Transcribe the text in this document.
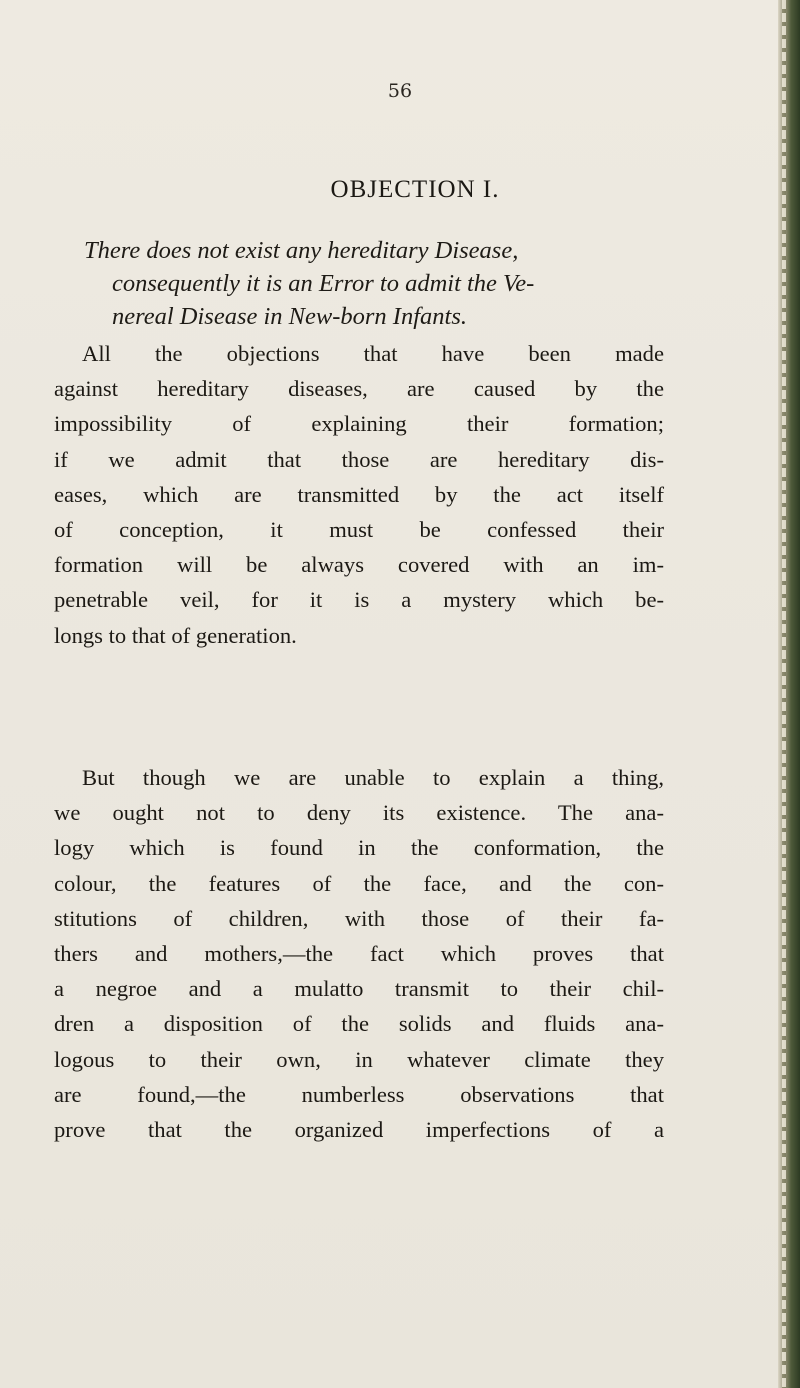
56
OBJECTION I.
There does not exist any hereditary Disease,
consequently it is an Error to admit the Ve-
nereal Disease in New-born Infants.
All the objections that have been made
against hereditary diseases, are caused by the
impossibility of explaining their formation;
if we admit that those are hereditary dis-
eases, which are transmitted by the act itself
of conception, it must be confessed their
formation will be always covered with an im-
penetrable veil, for it is a mystery which be-
longs to that of generation.
But though we are unable to explain a thing,
we ought not to deny its existence. The ana-
logy which is found in the conformation, the
colour, the features of the face, and the con-
stitutions of children, with those of their fa-
thers and mothers,—the fact which proves that
a negroe and a mulatto transmit to their chil-
dren a disposition of the solids and fluids ana-
logous to their own, in whatever climate they
are found,—the numberless observations that
prove that the organized imperfections of a
